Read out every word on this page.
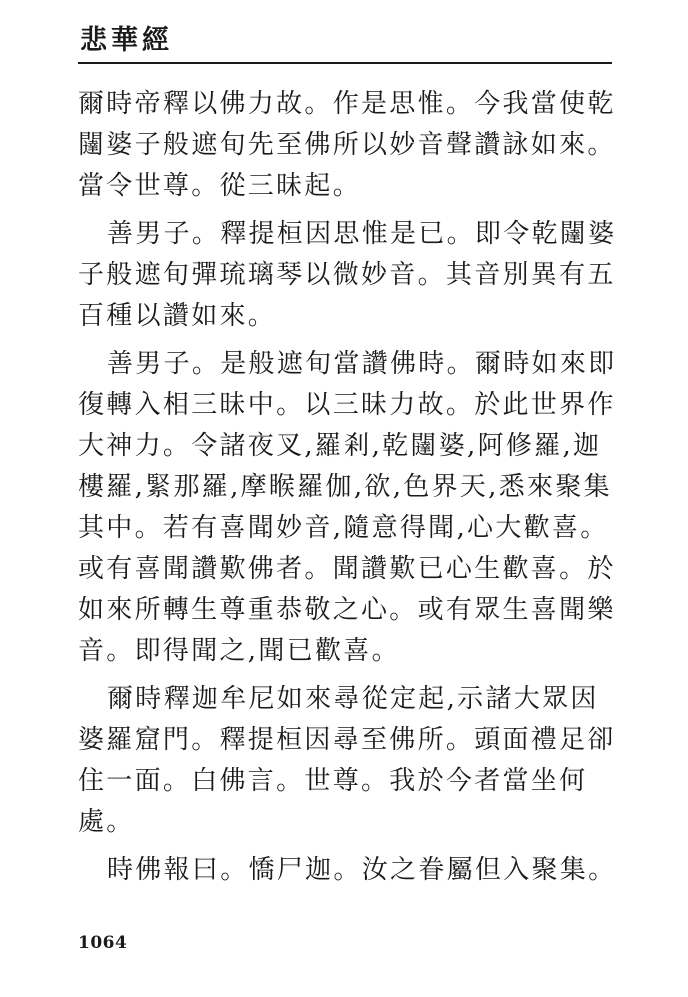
悲華經

爾時帝釋以佛力故。作是思惟。今我當使乾
闥婆子般遮旬先至佛所以妙音聲讚詠如來。
當令世尊。從三昧起。

善男子。釋提桓因思惟是已。即令乾闥婆
子般遮旬彈琉璃琴以微妙音。其音別異有五
百種以讚如來。

善男子。是般遮旬當讚佛時。爾時如來即
復轉入相三昧中。以三昧力故。於此世界作
大神力。令諸夜叉,羅剎,乾闥婆,阿修羅,迦
樓羅,緊那羅,摩睺羅伽,欲,色界天,悉來聚集
其中。若有喜聞妙音,隨意得聞,心大歡喜。
或有喜聞讚歎佛者。聞讚歎已心生歡喜。於
如來所轉生尊重恭敬之心。或有眾生喜聞樂
音。即得聞之,聞已歡喜。

爾時釋迦牟尼如來尋從定起,示諸大眾因
婆羅窟門。釋提桓因尋至佛所。頭面禮足卻
住一面。白佛言。世尊。我於今者當坐何
處。

時佛報曰。憍尸迦。汝之眷屬但入聚集。

1064
